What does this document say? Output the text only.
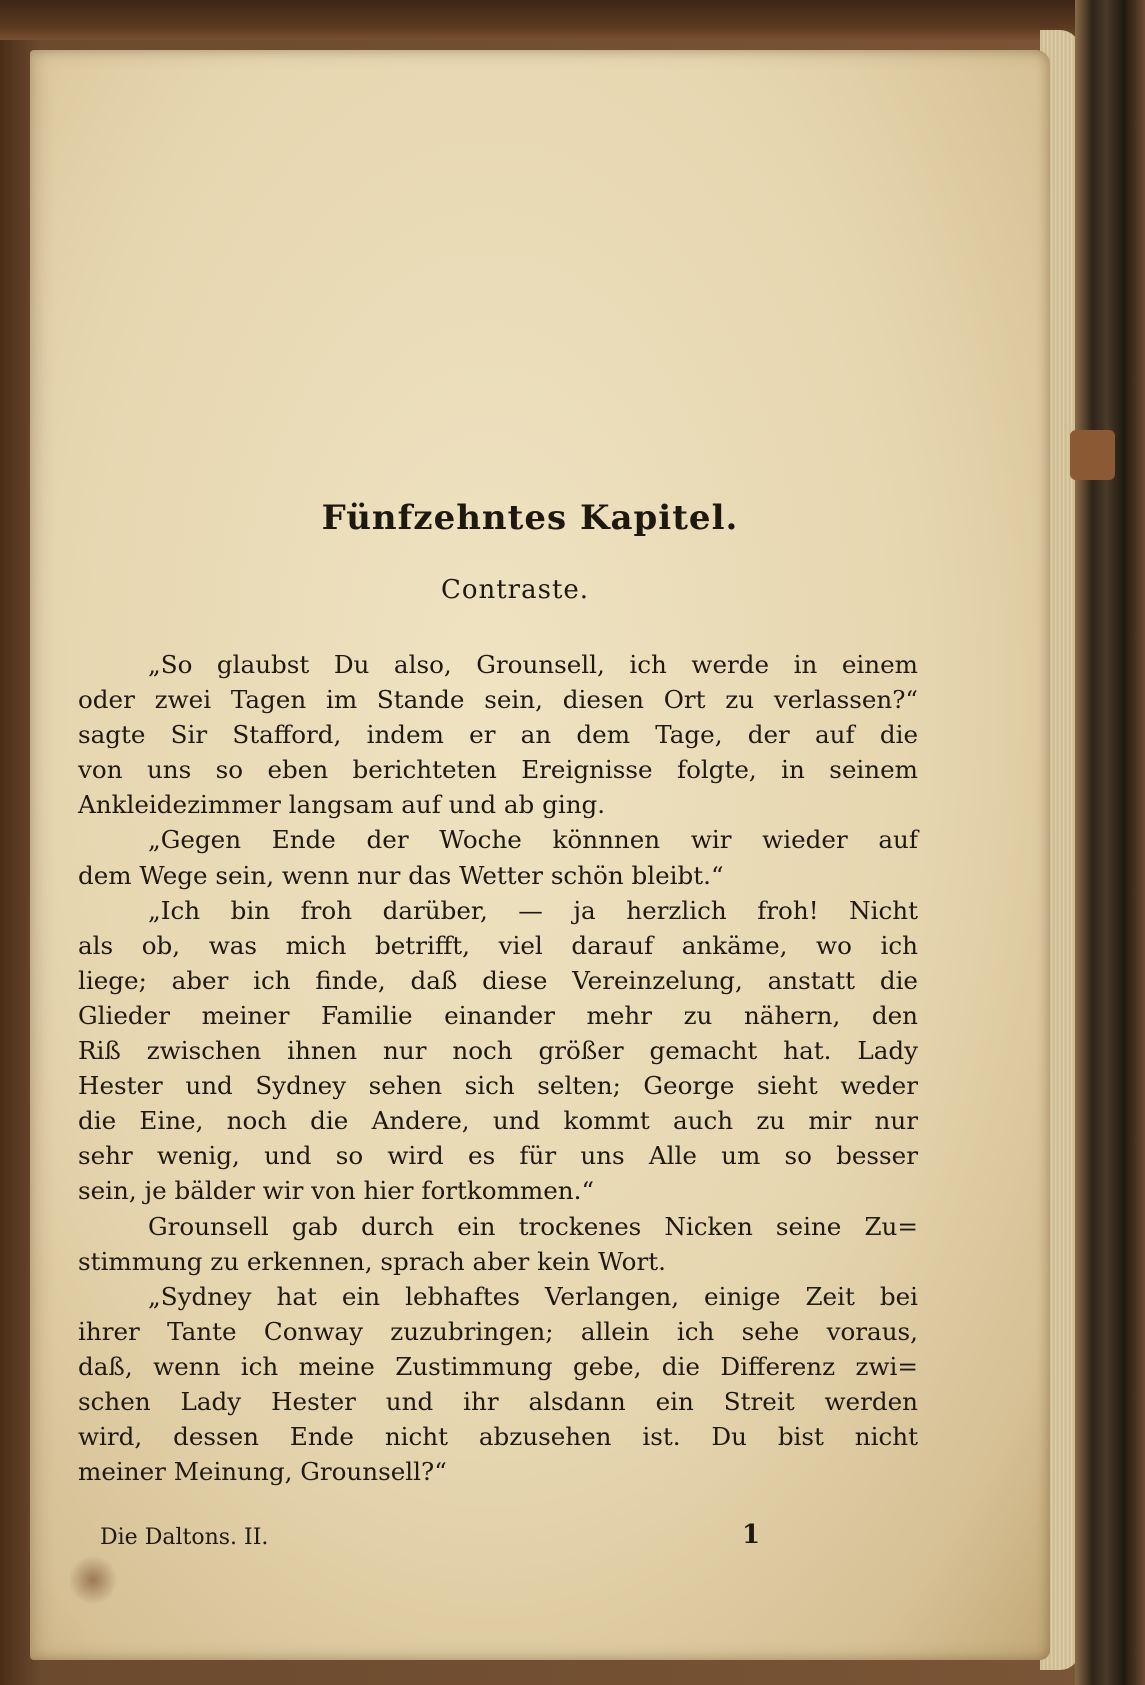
Fünfzehntes Kapitel.
Contraste.
„So glaubst Du also, Grounsell, ich werde in einem
oder zwei Tagen im Stande sein, diesen Ort zu verlassen?“
sagte Sir Stafford, indem er an dem Tage, der auf die
von uns so eben berichteten Ereignisse folgte, in seinem
Ankleidezimmer langsam auf und ab ging.
„Gegen Ende der Woche könnnen wir wieder auf
dem Wege sein, wenn nur das Wetter schön bleibt.“
„Ich bin froh darüber, — ja herzlich froh! Nicht
als ob, was mich betrifft, viel darauf ankäme, wo ich
liege; aber ich finde, daß diese Vereinzelung, anstatt die
Glieder meiner Familie einander mehr zu nähern, den
Riß zwischen ihnen nur noch größer gemacht hat. Lady
Hester und Sydney sehen sich selten; George sieht weder
die Eine, noch die Andere, und kommt auch zu mir nur
sehr wenig, und so wird es für uns Alle um so besser
sein, je bälder wir von hier fortkommen.“
Grounsell gab durch ein trockenes Nicken seine Zu=
stimmung zu erkennen, sprach aber kein Wort.
„Sydney hat ein lebhaftes Verlangen, einige Zeit bei
ihrer Tante Conway zuzubringen; allein ich sehe voraus,
daß, wenn ich meine Zustimmung gebe, die Differenz zwi=
schen Lady Hester und ihr alsdann ein Streit werden
wird, dessen Ende nicht abzusehen ist. Du bist nicht
meiner Meinung, Grounsell?“
Die Daltons. II.	1
